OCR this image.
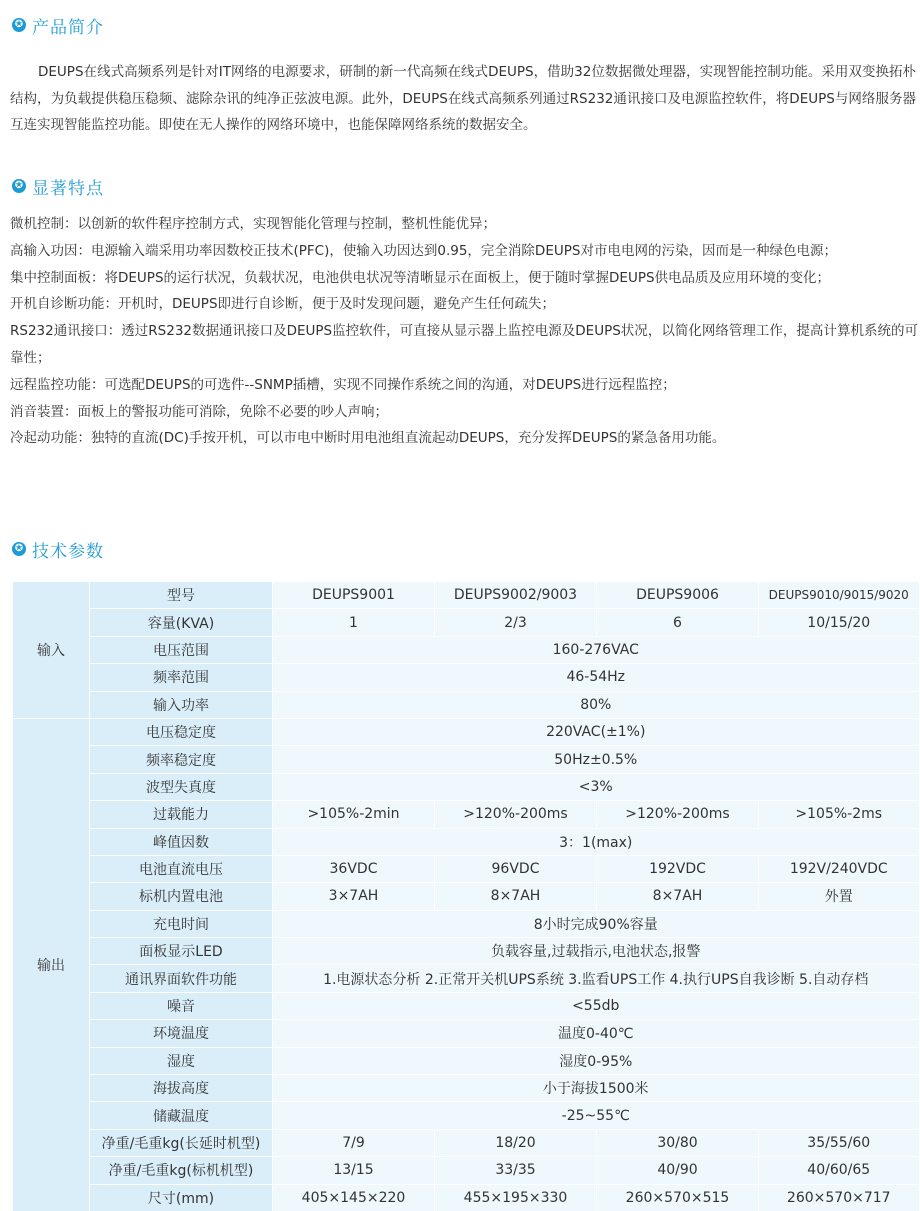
✪ 产品简介

DEUPS在线式高频系列是针对IT网络的电源要求，研制的新一代高频在线式DEUPS，借助32位数据微处理器，实现智能控制功能。采用双变换拓朴结构，为负载提供稳压稳频、滤除杂讯的纯净正弦波电源。此外，DEUPS在线式高频系列通过RS232通讯接口及电源监控软件，将DEUPS与网络服务器互连实现智能监控功能。即使在无人操作的网络环境中，也能保障网络系统的数据安全。

✪ 显著特点
微机控制：以创新的软件程序控制方式，实现智能化管理与控制，整机性能优异；
高输入功因：电源输入端采用功率因数校正技术(PFC)，使输入功因达到0.95，完全消除DEUPS对市电电网的污染，因而是一种绿色电源；
集中控制面板：将DEUPS的运行状况，负载状况，电池供电状况等清晰显示在面板上，便于随时掌握DEUPS供电品质及应用环境的变化；
开机自诊断功能：开机时，DEUPS即进行自诊断，便于及时发现问题，避免产生任何疏失；
RS232通讯接口：透过RS232数据通讯接口及DEUPS监控软件，可直接从显示器上监控电源及DEUPS状况，以简化网络管理工作，提高计算机系统的可靠性；
远程监控功能：可选配DEUPS的可选件--SNMP插槽，实现不同操作系统之间的沟通，对DEUPS进行远程监控；
消音装置：面板上的警报功能可消除，免除不必要的吵人声响；
冷起动功能：独特的直流(DC)手按开机，可以市电中断时用电池组直流起动DEUPS，充分发挥DEUPS的紧急备用功能。
✪ 技术参数
输入	型号	DEUPS9001	DEUPS9002/9003	DEUPS9006	DEUPS9010/9015/9020
	容量(KVA)	1	2/3	6	10/15/20
	电压范围	160-276VAC			
	频率范围	46-54Hz			
	输入功率	80%			
输出	电压稳定度	220VAC(±1%)			
	频率稳定度	50Hz±0.5%			
	波型失真度	<3%			
	过载能力	>105%-2min	>120%-200ms	>120%-200ms	>105%-2ms
	峰值因数	3：1(max)			
	电池直流电压	36VDC	96VDC	192VDC	192V/240VDC
	标机内置电池	3×7AH	8×7AH	8×7AH	外置
	充电时间	8小时完成90%容量			
	面板显示LED	负载容量,过载指示,电池状态,报警			
	通讯界面软件功能	1.电源状态分析 2.正常开关机UPS系统 3.监看UPS工作 4.执行UPS自我诊断 5.自动存档			
	噪音	<55db			
	环境温度	温度0-40℃			
	湿度	湿度0-95%			
	海拔高度	小于海拔1500米			
	储藏温度	-25~55℃			
	净重/毛重kg(长延时机型)	7/9	18/20	30/80	35/55/60
	净重/毛重kg(标机机型)	13/15	33/35	40/90	40/60/65
	尺寸(mm)	405×145×220	455×195×330	260×570×515	260×570×717
